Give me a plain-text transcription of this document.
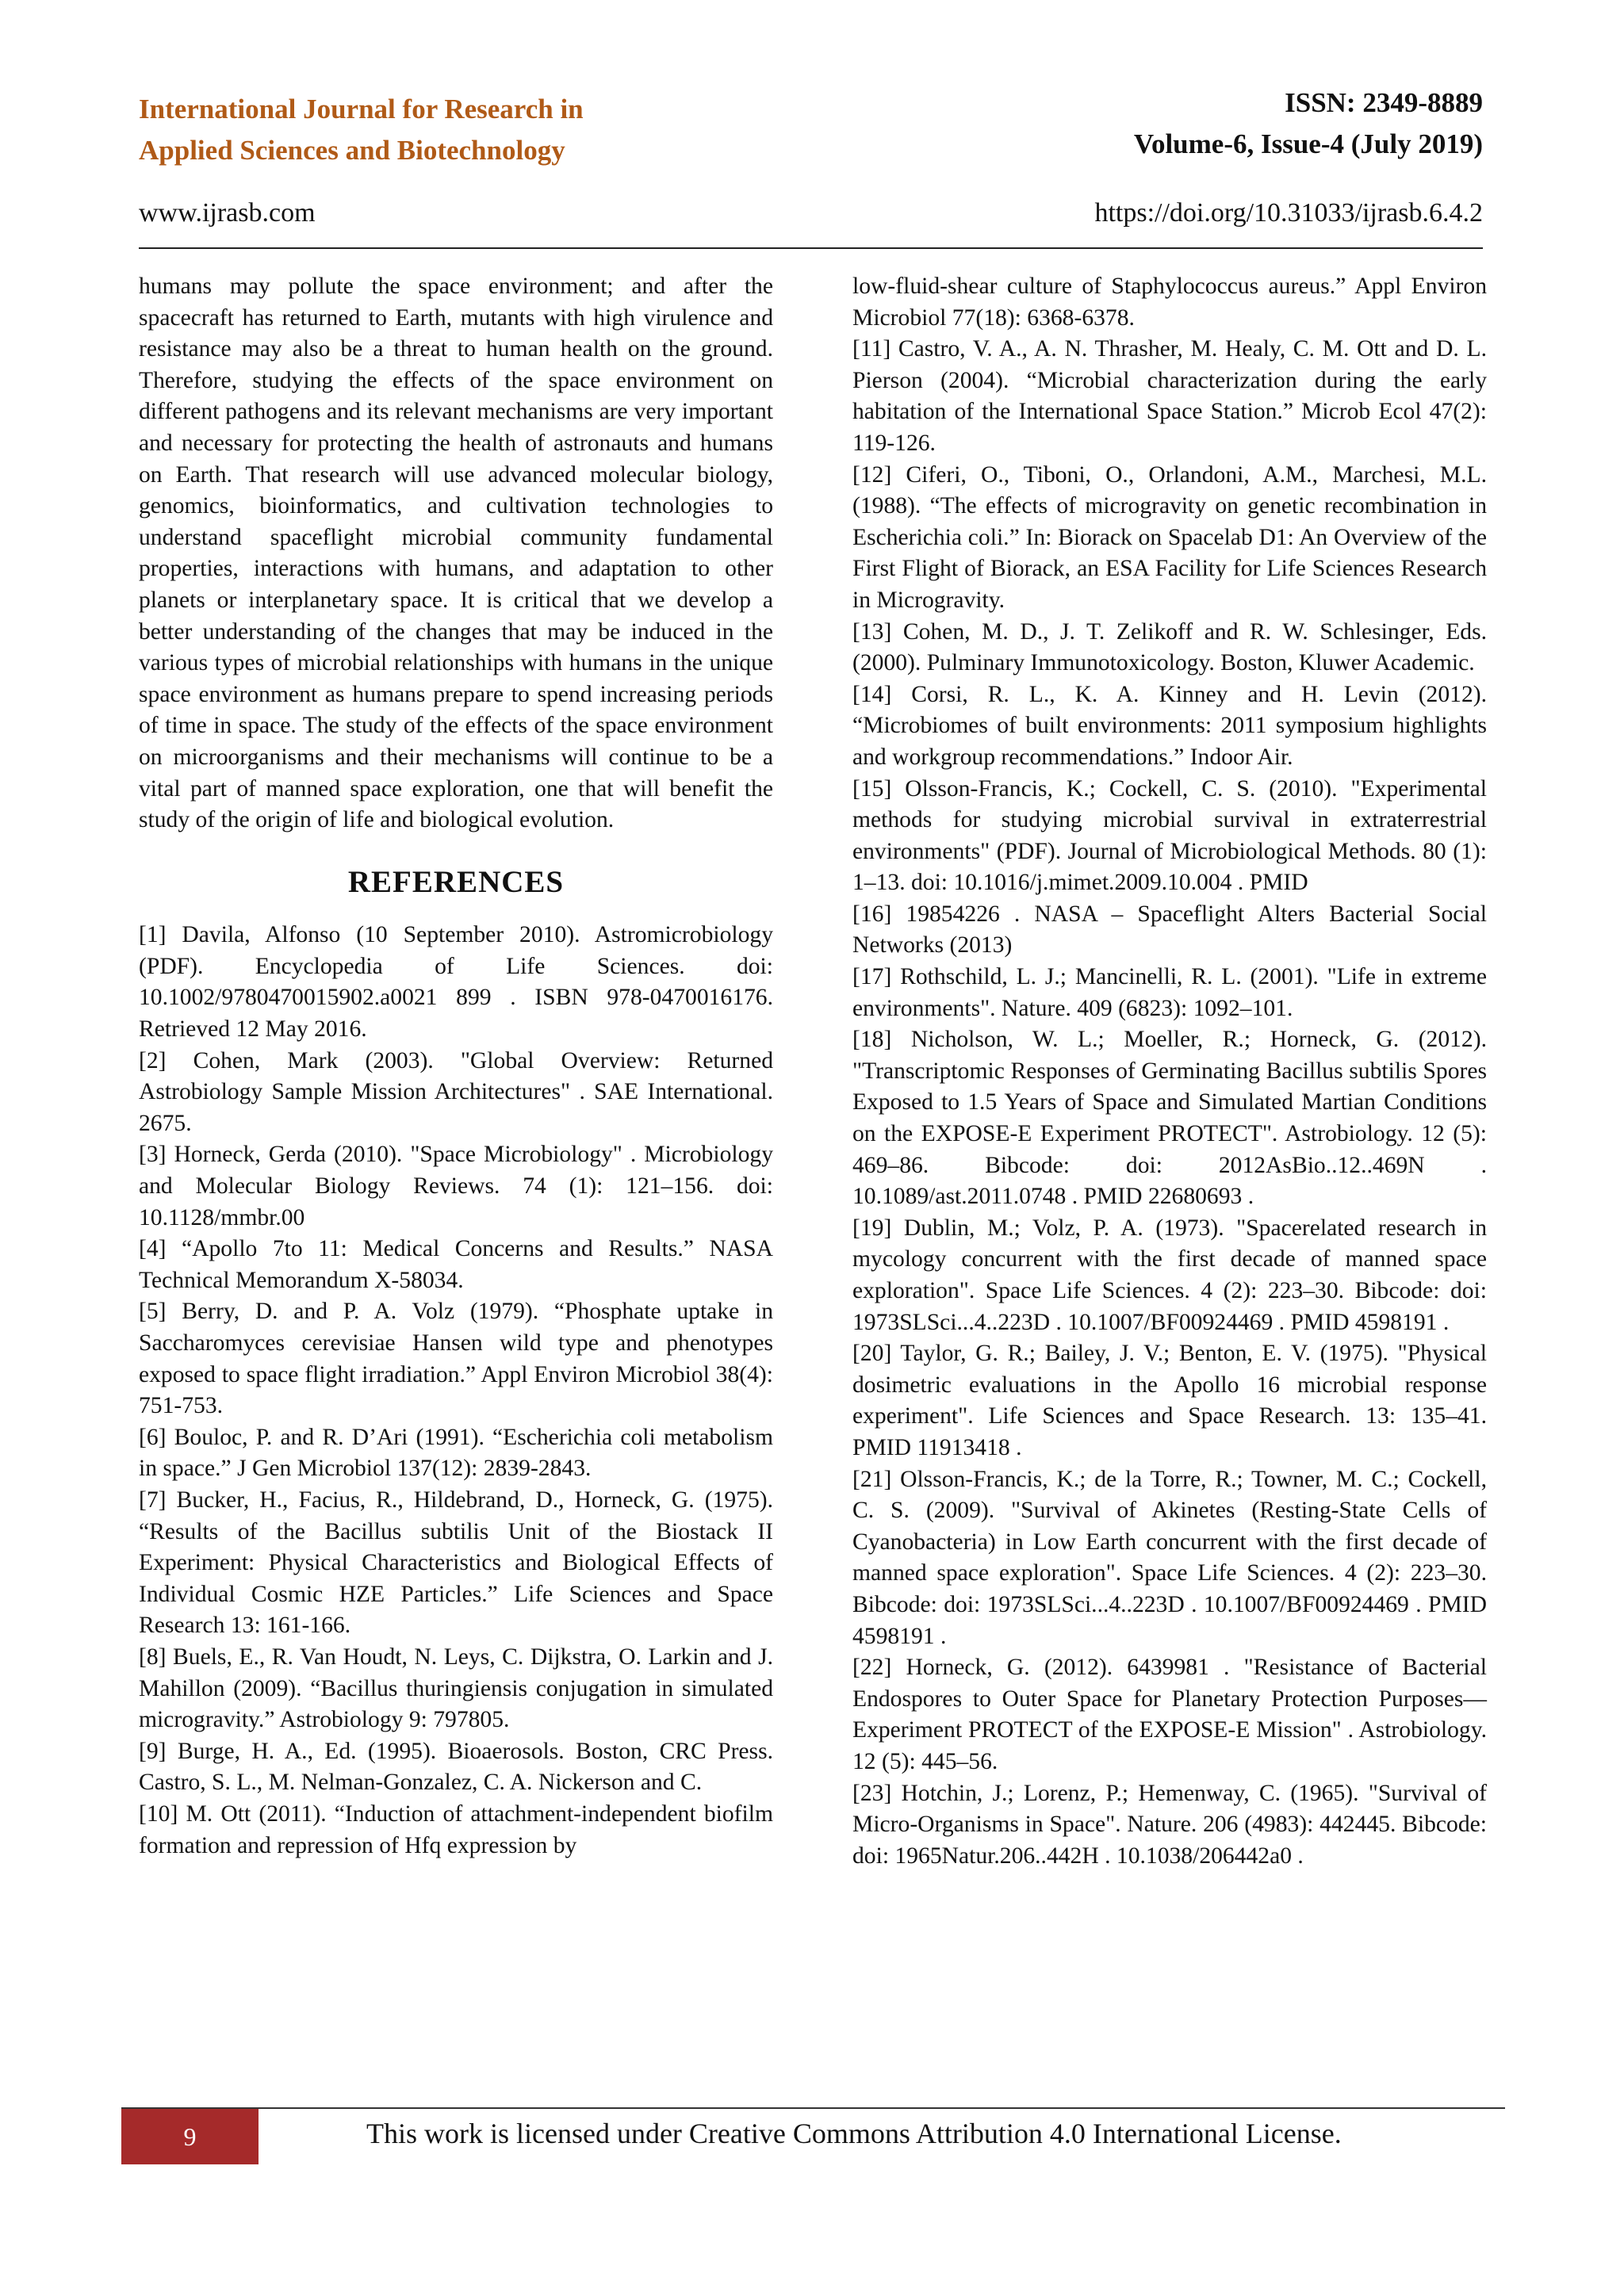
International Journal for Research in
Applied Sciences and Biotechnology
ISSN: 2349-8889
Volume-6, Issue-4 (July 2019)
www.ijrasb.com	https://doi.org/10.31033/ijrasb.6.4.2

humans may pollute the space environment; and after the spacecraft has returned to Earth, mutants with high virulence and resistance may also be a threat to human health on the ground. Therefore, studying the effects of the space environment on different pathogens and its relevant mechanisms are very important and necessary for protecting the health of astronauts and humans on Earth. That research will use advanced molecular biology, genomics, bioinformatics, and cultivation technologies to understand spaceflight microbial community fundamental properties, interactions with humans, and adaptation to other planets or interplanetary space. It is critical that we develop a better understanding of the changes that may be induced in the various types of microbial relationships with humans in the unique space environment as humans prepare to spend increasing periods of time in space. The study of the effects of the space environment on microorganisms and their mechanisms will continue to be a vital part of manned space exploration, one that will benefit the study of the origin of life and biological evolution.

REFERENCES

[1] Davila, Alfonso (10 September 2010). Astromicrobiology (PDF). Encyclopedia of Life Sciences. doi: 10.1002/9780470015902.a0021 899 . ISBN 978-0470016176. Retrieved 12 May 2016.

[2] Cohen, Mark (2003). "Global Overview: Returned Astrobiology Sample Mission Architectures" . SAE International. 2675.

[3] Horneck, Gerda (2010). "Space Microbiology" . Microbiology and Molecular Biology Reviews. 74 (1): 121–156. doi: 10.1128/mmbr.00

[4] “Apollo 7to 11: Medical Concerns and Results.” NASA Technical Memorandum X-58034.

[5] Berry, D. and P. A. Volz (1979). “Phosphate uptake in Saccharomyces cerevisiae Hansen wild type and phenotypes exposed to space flight irradiation.” Appl Environ Microbiol 38(4): 751-753.

[6] Bouloc, P. and R. D’Ari (1991). “Escherichia coli metabolism in space.” J Gen Microbiol 137(12): 2839-2843.

[7] Bucker, H., Facius, R., Hildebrand, D., Horneck, G. (1975). “Results of the Bacillus subtilis Unit of the Biostack II Experiment: Physical Characteristics and Biological Effects of Individual Cosmic HZE Particles.” Life Sciences and Space Research 13: 161-166.

[8] Buels, E., R. Van Houdt, N. Leys, C. Dijkstra, O. Larkin and J. Mahillon (2009). “Bacillus thuringiensis conjugation in simulated microgravity.” Astrobiology 9: 797805.

[9] Burge, H. A., Ed. (1995). Bioaerosols. Boston, CRC Press. Castro, S. L., M. Nelman-Gonzalez, C. A. Nickerson and C.

[10] M. Ott (2011). “Induction of attachment-independent biofilm formation and repression of Hfq expression by

low-fluid-shear culture of Staphylococcus aureus.” Appl Environ Microbiol 77(18): 6368-6378.

[11] Castro, V. A., A. N. Thrasher, M. Healy, C. M. Ott and D. L. Pierson (2004). “Microbial characterization during the early habitation of the International Space Station.” Microb Ecol 47(2): 119-126.

[12] Ciferi, O., Tiboni, O., Orlandoni, A.M., Marchesi, M.L. (1988). “The effects of microgravity on genetic recombination in Escherichia coli.” In: Biorack on Spacelab D1: An Overview of the First Flight of Biorack, an ESA Facility for Life Sciences Research in Microgravity.

[13] Cohen, M. D., J. T. Zelikoff and R. W. Schlesinger, Eds. (2000). Pulminary Immunotoxicology. Boston, Kluwer Academic.

[14] Corsi, R. L., K. A. Kinney and H. Levin (2012). “Microbiomes of built environments: 2011 symposium highlights and workgroup recommendations.” Indoor Air.

[15] Olsson-Francis, K.; Cockell, C. S. (2010). "Experimental methods for studying microbial survival in extraterrestrial environments" (PDF). Journal of Microbiological Methods. 80 (1): 1–13. doi: 10.1016/j.mimet.2009.10.004 . PMID

[16] 19854226 . NASA – Spaceflight Alters Bacterial Social Networks (2013)

[17] Rothschild, L. J.; Mancinelli, R. L. (2001). "Life in extreme environments". Nature. 409 (6823): 1092–101.

[18] Nicholson, W. L.; Moeller, R.; Horneck, G. (2012). "Transcriptomic Responses of Germinating Bacillus subtilis Spores Exposed to 1.5 Years of Space and Simulated Martian Conditions on the EXPOSE-E Experiment PROTECT". Astrobiology. 12 (5): 469–86. Bibcode: doi: 2012AsBio..12..469N . 10.1089/ast.2011.0748 . PMID 22680693 .

[19] Dublin, M.; Volz, P. A. (1973). "Spacerelated research in mycology concurrent with the first decade of manned space exploration". Space Life Sciences. 4 (2): 223–30. Bibcode: doi: 1973SLSci...4..223D . 10.1007/BF00924469 . PMID 4598191 .

[20] Taylor, G. R.; Bailey, J. V.; Benton, E. V. (1975). "Physical dosimetric evaluations in the Apollo 16 microbial response experiment". Life Sciences and Space Research. 13: 135–41. PMID 11913418 .

[21] Olsson-Francis, K.; de la Torre, R.; Towner, M. C.; Cockell, C. S. (2009). "Survival of Akinetes (Resting-State Cells of Cyanobacteria) in Low Earth concurrent with the first decade of manned space exploration". Space Life Sciences. 4 (2): 223–30. Bibcode: doi: 1973SLSci...4..223D . 10.1007/BF00924469 . PMID 4598191 .

[22] Horneck, G. (2012). 6439981 . "Resistance of Bacterial Endospores to Outer Space for Planetary Protection Purposes— Experiment PROTECT of the EXPOSE-E Mission" . Astrobiology. 12 (5): 445–56.

[23] Hotchin, J.; Lorenz, P.; Hemenway, C. (1965). "Survival of Micro-Organisms in Space". Nature. 206 (4983): 442445. Bibcode: doi: 1965Natur.206..442H . 10.1038/206442a0 .

9	This work is licensed under Creative Commons Attribution 4.0 International License.
